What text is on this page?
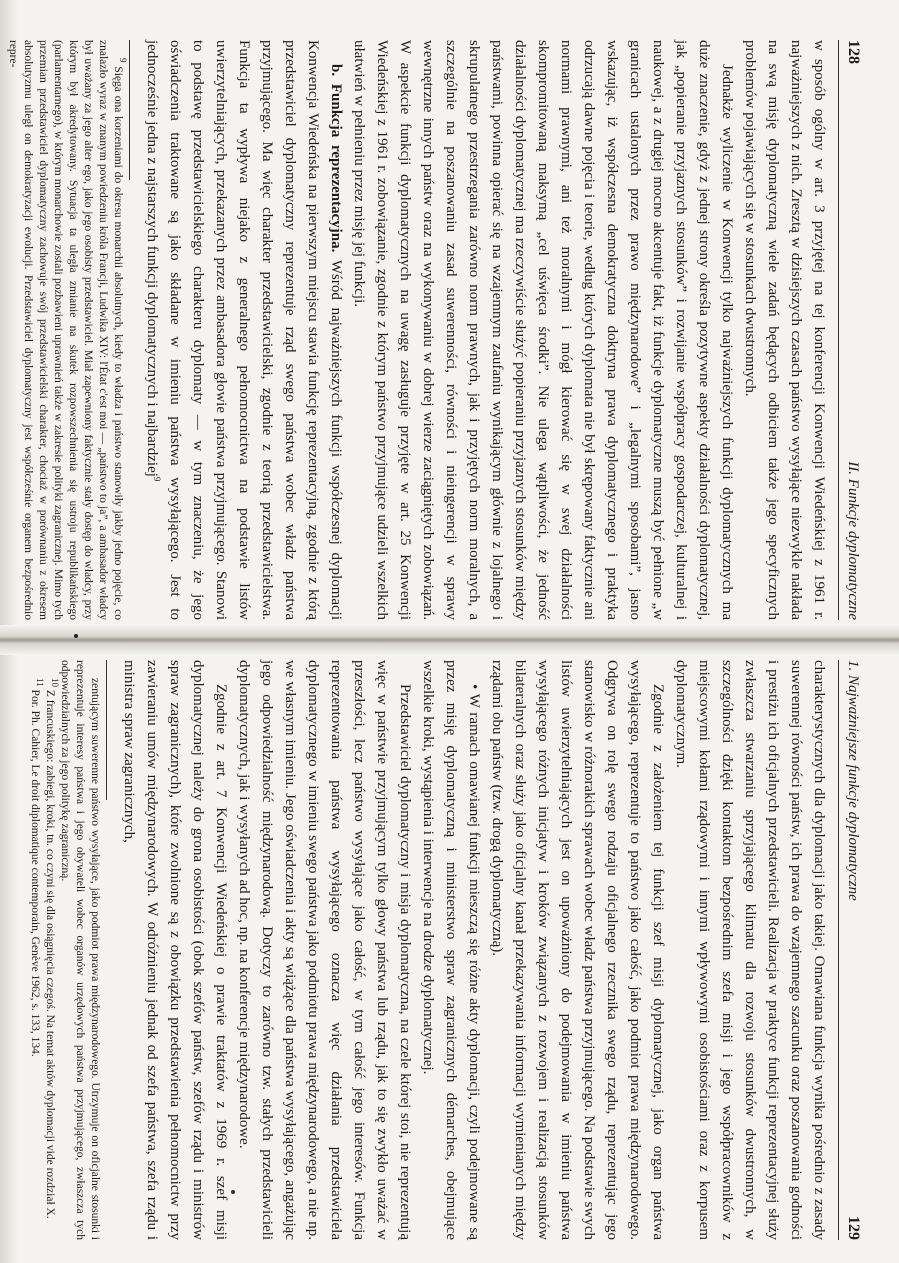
128
II. Funkcje dyplomatyczne

w sposób ogólny w art. 3 przyjętej na tej konferencji Konwencji Wiedeńskiej z 1961 r. najważniejszych z nich. Zresztą w dzisiejszych czasach państwo wysyłające niezwykle nakłada na swą misję dyplomatyczną wiele zadań będących odbiciem także jego specyficznych problemów pojawiających się w stosunkach dwustronnych.

Jednakże wyliczenie w Konwencji tylko najważniejszych funkcji dyplomatycznych ma duże znaczenie, gdyż z jednej strony określa pozytywne aspekty działalności dyplomatycznej, jak „popieranie przyjaznych stosunków” i rozwijanie współpracy gospodarczej, kulturalnej i naukowej, a z drugiej mocno akcentuje fakt, iż funkcje dyplomatyczne muszą być pełnione „w granicach ustalonych przez prawo międzynarodowe” i „legalnymi sposobami”, jasno wskazując, iż współczesna demokratyczna doktryna prawa dyplomatycznego i praktyka odrzucają dawne pojęcia i teorie, według których dyplomata nie był skrępowany faktycznie ani normami prawnymi, ani też moralnymi i mógł kierować się w swej działalności skompromitowaną maksymą „cel uświęca środki”. Nie ulega wątpliwości, że jedność działalności dyplomatycznej ma rzeczywiście służyć popieraniu przyjaznych stosunków między państwami, powinna opierać się na wzajemnym zaufaniu wynikającym głównie z lojalnego i skrupulatnego przestrzegania zarówno norm prawnych, jak i przyjętych norm moralnych, a szczególnie na poszanowaniu zasad suwerenności, równości i nieingerencji w sprawy wewnętrzne innych państw oraz na wykonywaniu w dobrej wierze zaciągniętych zobowiązań. W aspekcie funkcji dyplomatycznych na uwagę zasługuje przyjęte w art. 25 Konwencji Wiedeńskiej z 1961 r. zobowiązanie, zgodnie z którym państwo przyjmujące udzieli wszelkich ułatwień w pełnieniu przez misję jej funkcji.

b. Funkcja reprezentacyjna. Wśród najważniejszych funkcji współczesnej dyplomacji Konwencja Wiedeńska na pierwszym miejscu stawia funkcję reprezentacyjną, zgodnie z którą przedstawiciel dyplomatyczny reprezentuje rząd swego państwa wobec władz państwa przyjmującego. Ma więc charakter przedstawicielski, zgodnie z teorią przedstawicielstwa. Funkcja ta wypływa niejako z generalnego pełnomocnictwa na podstawie listów uwierzytelniających, przekazanych przez ambasadora głowie państwa przyjmującego. Stanowi to podstawę przedstawicielskiego charakteru dyplomaty — w tym znaczeniu, że jego oświadczenia traktowane są jako składane w imieniu państwa wysyłającego. Jest to jednocześnie jedna z najstarszych funkcji dyplomatycznych i najbardziej$^9$

$^9$ Sięga ona korzeniami do okresu monarchii absolutnych, kiedy to władza i państwo stanowiły jakby jedno pojęcie, co znalazło wyraz w znanym powiedzeniu króla Francji, Ludwika XIV: l'État c'est moi — „państwo to ja”, a ambasador władcy był uważany za jego alter ego, jako jego osobisty przedstawiciel. Miał zapewniony faktycznie stały dostęp do władcy, przy którym był akredytowany. Sytuacja ta uległa zmianie na skutek rozpowszechnienia się ustroju republikańskiego (parlamentarnego), w którym monarchowie zostali pozbawieni uprawnień także w zakresie polityki zagranicznej. Mimo tych przemian przedstawiciel dyplomatyczny zachowuje swój przedstawicielski charakter, chociaż w porównaniu z okresem absolutyzmu uległ on demokratyzacji ewolucji. Przedstawiciel dyplomatyczny jest współcześnie organem bezpośrednio repre-

1. Najważniejsze funkcje dyplomatyczne
129

charakterystycznych dla dyplomacji jako takiej. Omawiana funkcja wynika pośrednio z zasady suwerennej równości państw, ich prawa do wzajemnego szacunku oraz poszanowania godności i prestiżu ich oficjalnych przedstawicieli. Realizacja w praktyce funkcji reprezentacyjnej służy zwłaszcza stwarzaniu sprzyjającego klimatu dla rozwoju stosunków dwustronnych, w szczególności dzięki kontaktom bezpośrednim szefa misji i jego współpracowników z miejscowymi kołami rządowymi i innymi wpływowymi osobistościami oraz z korpusem dyplomatycznym.

Zgodnie z założeniem tej funkcji szef misji dyplomatycznej, jako organ państwa wysyłającego, reprezentuje to państwo jako całość, jako podmiot prawa międzynarodowego. Odgrywa on rolę swego rodzaju oficjalnego rzecznika swego rządu, reprezentując jego stanowisko w różnorakich sprawach wobec władz państwa przyjmującego. Na podstawie swych listów uwierzytelniających jest on upoważniony do podejmowania w imieniu państwa wysyłającego różnych inicjatyw i kroków związanych z rozwojem i realizacją stosunków bilateralnych oraz służy jako oficjalny kanał przekazywania informacji wymienianych między rządami obu państw (tzw. drogą dyplomatyczną).

• W ramach omawianej funkcji mieszczą się różne akty dyplomacji, czyli podejmowane są przez misję dyplomatyczną i ministerstwo spraw zagranicznych démarches, obejmujące wszelkie kroki, wystąpienia i interwencje na drodze dyplomatycznej.

Przedstawiciel dyplomatyczny i misja dyplomatyczna, na czele której stoi, nie reprezentują więc w państwie przyjmującym tylko głowy państwa lub rządu, jak to się zwykło uważać w przeszłości, lecz państwo wysyłające jako całość, w tym całość jego interesów. Funkcja reprezentowania państwa wysyłającego oznacza więc działania przedstawiciela dyplomatycznego w imieniu swego państwa jako podmiotu prawa międzynarodowego, a nie np. we własnym imieniu. Jego oświadczenia i akty są wiążące dla państwa wysyłającego, angażując jego odpowiedzialność międzynarodową. Dotyczy to zarówno tzw. stałych przedstawicieli dyplomatycznych, jak i wysyłanych ad hoc, np. na konferencje międzynarodowe.

Zgodnie z art. 7 Konwencji Wiedeńskiej o prawie traktatów z 1969 r. szef misji dyplomatycznej należy do grona osobistości (obok szefów państw, szefów rządu i ministrów spraw zagranicznych), które zwolnione są z obowiązku przedstawienia pełnomocnictw przy zawieraniu umów międzynarodowych. W odróżnieniu jednak od szefa państwa, szefa rządu i ministra spraw zagranicznych,

zentującym suwerenne państwo wysyłające, jako podmiot prawa międzynarodowego. Utrzymuje on oficjalne stosunki i reprezentuje interesy państwa i jego obywateli wobec organów urzędowych państwa przyjmującego, zwłaszcza tych odpowiedzialnych za jego politykę zagraniczną.

$^{10}$ Z francuskiego: zabiegi, kroki, tn. co czyni się dla osiągnięcia czegoś. Na temat aktów dyplomacji vide rozdział X.

$^{11}$ Por. Ph. Cahier, Le droit diplomatique contemporain, Genève 1962, s. 133, 134.
